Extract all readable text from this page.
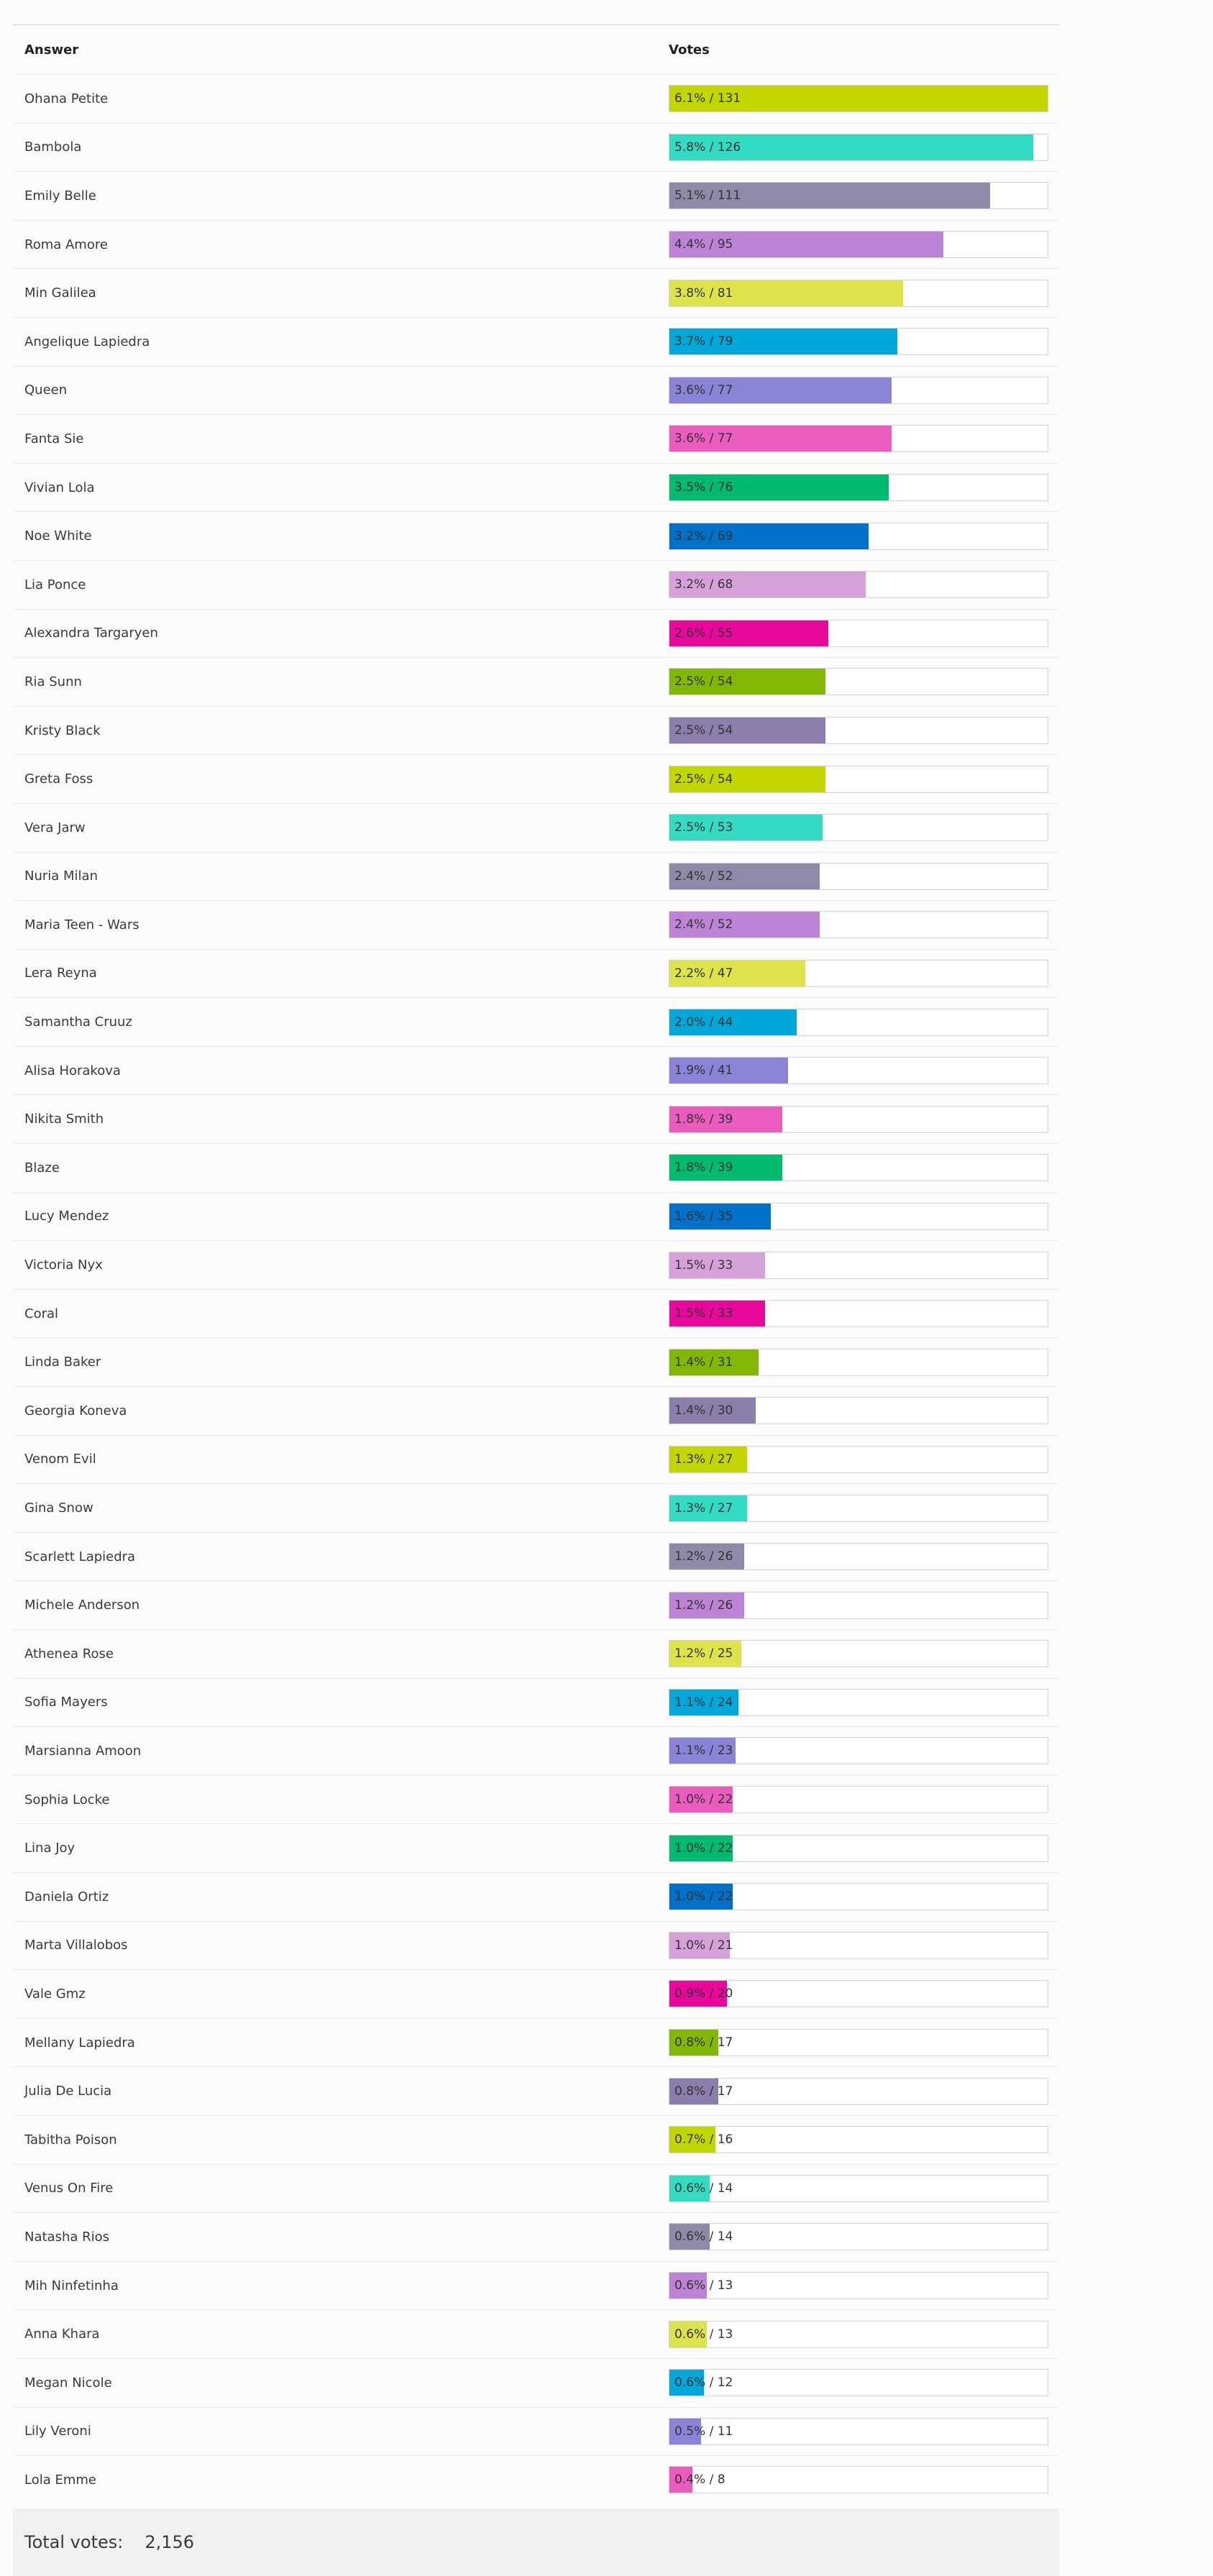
Answer	Votes
Ohana Petite	6.1% / 131
Bambola	5.8% / 126
Emily Belle	5.1% / 111
Roma Amore	4.4% / 95
Min Galilea	3.8% / 81
Angelique Lapiedra	3.7% / 79
Queen	3.6% / 77
Fanta Sie	3.6% / 77
Vivian Lola	3.5% / 76
Noe White	3.2% / 69
Lia Ponce	3.2% / 68
Alexandra Targaryen	2.6% / 55
Ria Sunn	2.5% / 54
Kristy Black	2.5% / 54
Greta Foss	2.5% / 54
Vera Jarw	2.5% / 53
Nuria Milan	2.4% / 52
Maria Teen - Wars	2.4% / 52
Lera Reyna	2.2% / 47
Samantha Cruuz	2.0% / 44
Alisa Horakova	1.9% / 41
Nikita Smith	1.8% / 39
Blaze	1.8% / 39
Lucy Mendez	1.6% / 35
Victoria Nyx	1.5% / 33
Coral	1.5% / 33
Linda Baker	1.4% / 31
Georgia Koneva	1.4% / 30
Venom Evil	1.3% / 27
Gina Snow	1.3% / 27
Scarlett Lapiedra	1.2% / 26
Michele Anderson	1.2% / 26
Athenea Rose	1.2% / 25
Sofia Mayers	1.1% / 24
Marsianna Amoon	1.1% / 23
Sophia Locke	1.0% / 22
Lina Joy	1.0% / 22
Daniela Ortiz	1.0% / 22
Marta Villalobos	1.0% / 21
Vale Gmz	0.9% / 20
Mellany Lapiedra	0.8% / 17
Julia De Lucia	0.8% / 17
Tabitha Poison	0.7% / 16
Venus On Fire	0.6% / 14
Natasha Rios	0.6% / 14
Mih Ninfetinha	0.6% / 13
Anna Khara	0.6% / 13
Megan Nicole	0.6% / 12
Lily Veroni	0.5% / 11
Lola Emme	0.4% / 8
Total votes: 2,156
